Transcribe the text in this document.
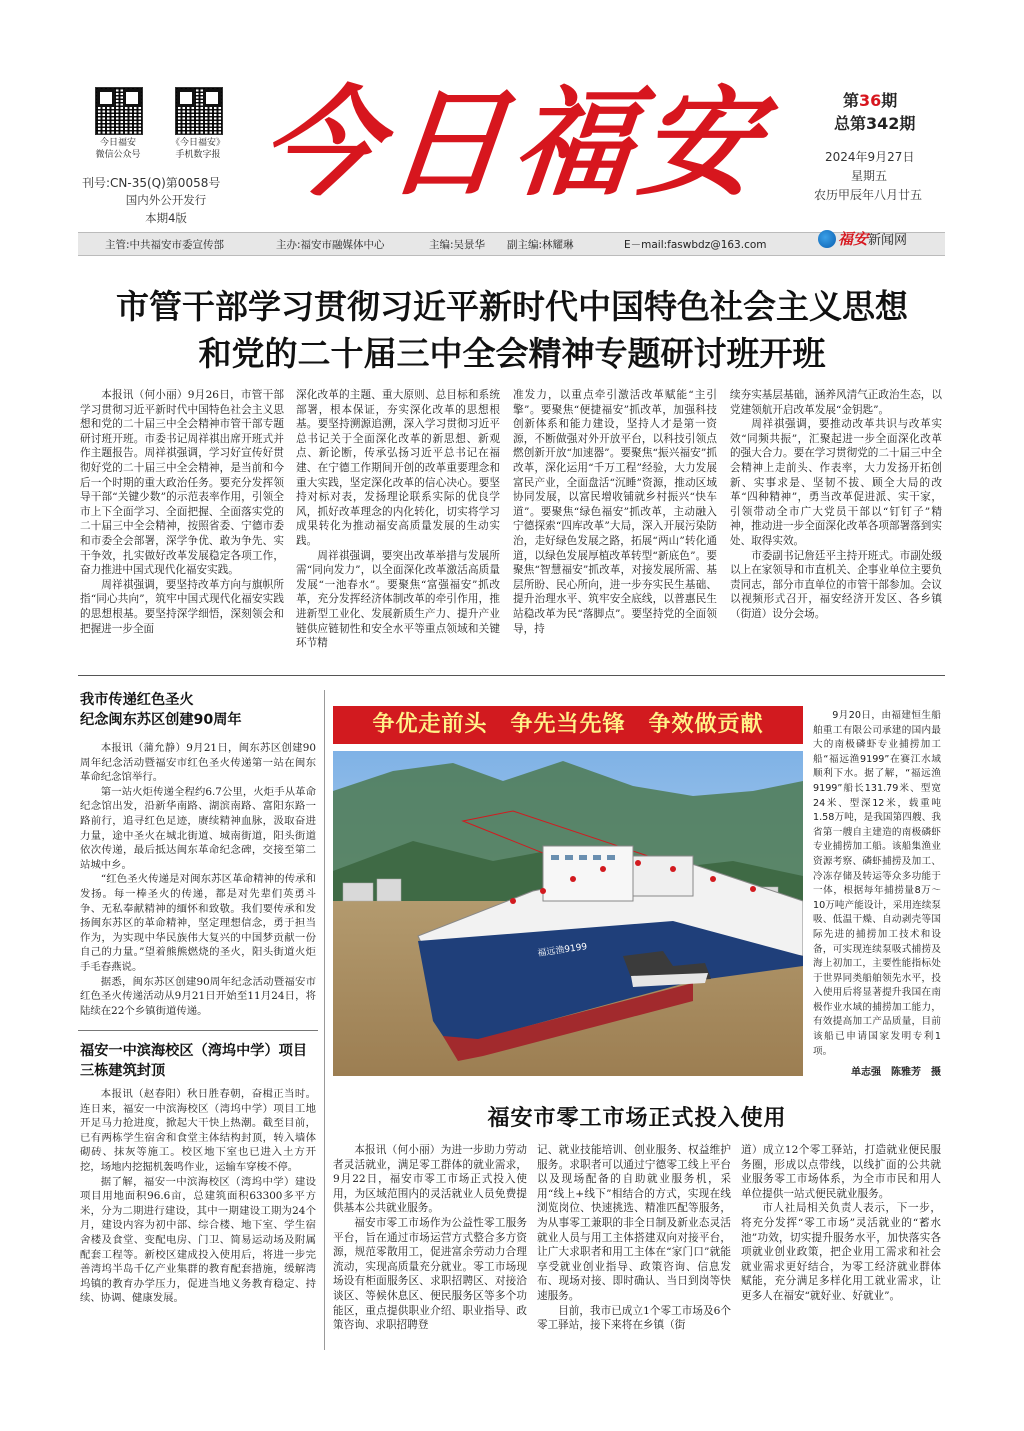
今日福安
微信公众号
《今日福安》
手机数字报
刊号:CN-35(Q)第0058号
国内外公开发行
本期4版
今日福安	第36期
总第342期
2024年9月27日
星期五
农历甲辰年八月廿五
主管:中共福安市委宣传部	主办:福安市融媒体中心	主编:吴景华 副主编:林耀琳	E－mail:faswbdz@163.com	福安新闻网
市管干部学习贯彻习近平新时代中国特色社会主义思想
和党的二十届三中全会精神专题研讨班开班

本报讯（何小丽）9月26日，市管干部学习贯彻习近平新时代中国特色社会主义思想和党的二十届三中全会精神市管干部专题研讨班开班。市委书记周祥祺出席开班式并作主题报告。周祥祺强调，学习好宣传好贯彻好党的二十届三中全会精神，是当前和今后一个时期的重大政治任务。要充分发挥领导干部“关键少数”的示范表率作用，引领全市上下全面学习、全面把握、全面落实党的二十届三中全会精神，按照省委、宁德市委和市委全会部署，深学争优、敢为争先、实干争效，扎实做好改革发展稳定各项工作，奋力推进中国式现代化福安实践。

周祥祺强调，要坚持改革方向与旗帜所指“同心共向”，筑牢中国式现代化福安实践的思想根基。要坚持深学细悟，深刻领会和把握进一步全面

深化改革的主题、重大原则、总目标和系统部署，根本保证，夯实深化改革的思想根基。要坚持溯源追溯，深入学习贯彻习近平总书记关于全面深化改革的新思想、新观点、新论断，传承弘扬习近平总书记在福建、在宁德工作期间开创的改革重要理念和重大实践，坚定深化改革的信心决心。要坚持对标对表，发扬理论联系实际的优良学风，抓好改革理念的内化转化，切实将学习成果转化为推动福安高质量发展的生动实践。

周祥祺强调，要突出改革举措与发展所需“同向发力”，以全面深化改革激活高质量发展“一池春水”。要聚焦“富强福安”抓改革，充分发挥经济体制改革的牵引作用，推进新型工业化、发展新质生产力、提升产业链供应链韧性和安全水平等重点领域和关键环节精

准发力，以重点牵引激活改革赋能“主引擎”。要聚焦“便捷福安”抓改革，加强科技创新体系和能力建设，坚持人才是第一资源，不断做强对外开放平台，以科技引领点燃创新开放“加速器”。要聚焦“振兴福安”抓改革，深化运用“千万工程”经验，大力发展富民产业，全面盘活“沉睡”资源，推动区域协同发展，以富民增收铺就乡村振兴“快车道”。要聚焦“绿色福安”抓改革，主动融入宁德探索“四库改革”大局，深入开展污染防治，走好绿色发展之路，拓展“两山”转化通道，以绿色发展厚植改革转型“新底色”。要聚焦“智慧福安”抓改革，对接发展所需、基层所盼、民心所向，进一步夯实民生基础、提升治理水平、筑牢安全底线，以普惠民生站稳改革为民“落脚点”。要坚持党的全面领导，持

续夯实基层基础，涵养风清气正政治生态，以党建领航开启改革发展“金钥匙”。

周祥祺强调，要推动改革共识与改革实效“同频共振”，汇聚起进一步全面深化改革的强大合力。要在学习贯彻党的二十届三中全会精神上走前头、作表率，大力发扬开拓创新、实事求是、坚韧不拔、顾全大局的改革“四种精神”，勇当改革促进派、实干家，引领带动全市广大党员干部以“钉钉子”精神，推动进一步全面深化改革各项部署落到实处、取得实效。

市委副书记詹廷平主持开班式。市副处级以上在家领导和市直机关、企事业单位主要负责同志，部分市直单位的市管干部参加。会议以视频形式召开，福安经济开发区、各乡镇（街道）设分会场。

我市传递红色圣火
纪念闽东苏区创建90周年

本报讯（蒲允静）9月21日，闽东苏区创建90周年纪念活动暨福安市红色圣火传递第一站在闽东革命纪念馆举行。

第一站火炬传递全程约6.7公里，火炬手从革命纪念馆出发，沿新华南路、湖滨南路、富阳东路一路前行，追寻红色足迹，赓续精神血脉，汲取奋进力量，途中圣火在城北街道、城南街道，阳头街道依次传递，最后抵达闽东革命纪念碑，交接至第二站城中乡。

“红色圣火传递是对闽东苏区革命精神的传承和发扬。每一棒圣火的传递，都是对先辈们英勇斗争、无私奉献精神的缅怀和致敬。我们要传承和发扬闽东苏区的革命精神，坚定理想信念，勇于担当作为，为实现中华民族伟大复兴的中国梦贡献一份自己的力量。”望着熊熊燃烧的圣火，阳头街道火炬手毛春燕说。

据悉，闽东苏区创建90周年纪念活动暨福安市红色圣火传递活动从9月21日开始至11月24日，将陆续在22个乡镇街道传递。

福安一中滨海校区（湾坞中学）项目
三栋建筑封顶

本报讯（赵春阳）秋日胜春朝，奋楫正当时。连日来，福安一中滨海校区（湾坞中学）项目工地开足马力抢进度，掀起大干快上热潮。截至目前，已有两栋学生宿舍和食堂主体结构封顶，转入墙体砌砖、抹灰等施工。校区地下室也已进入土方开挖，场地内挖掘机轰鸣作业，运输车穿梭不停。

据了解，福安一中滨海校区（湾坞中学）建设项目用地面积96.6亩，总建筑面积63300多平方米，分为二期进行建设，其中一期建设工期为24个月，建设内容为初中部、综合楼、地下室、学生宿舍楼及食堂、变配电房、门卫、简易运动场及附属配套工程等。新校区建成投入使用后，将进一步完善湾坞半岛千亿产业集群的教育配套措施，缓解湾坞镇的教育办学压力，促进当地义务教育稳定、持续、协调、健康发展。

争优走前头　争先当先锋　争效做贡献
福远渔9199

9月20日，由福建恒生船舶重工有限公司承建的国内最大的南极磷虾专业捕捞加工船“福远渔9199”在赛江水域顺利下水。据了解，“福远渔9199”船长131.79米、型宽24米、型深12米，载重吨1.58万吨，是我国第四艘、我省第一艘自主建造的南极磷虾专业捕捞加工船。该船集渔业资源考察、磷虾捕捞及加工、冷冻存储及转运等众多功能于一体，根据每年捕捞量8万～10万吨产能设计，采用连续泵吸、低温干燥、自动剥壳等国际先进的捕捞加工技术和设备，可实现连续泵吸式捕捞及海上初加工，主要性能指标处于世界同类船舶领先水平，投入使用后将显著提升我国在南极作业水域的捕捞加工能力，有效提高加工产品质量，目前该船已申请国家发明专利1项。

单志强　陈雅芳　摄
福安市零工市场正式投入使用

本报讯（何小丽）为进一步助力劳动者灵活就业，满足零工群体的就业需求，9月22日，福安市零工市场正式投入使用，为区域范围内的灵活就业人员免费提供基本公共就业服务。

福安市零工市场作为公益性零工服务平台，旨在通过市场运营方式整合多方资源，规范零散用工，促进富余劳动力合理流动，实现高质量充分就业。零工市场现场设有柜面服务区、求职招聘区、对接洽谈区、等候休息区、便民服务区等多个功能区，重点提供职业介绍、职业指导、政策咨询、求职招聘登

记、就业技能培训、创业服务、权益维护服务。求职者可以通过宁德零工线上平台以及现场配备的自助就业服务机，采用“线上+线下”相结合的方式，实现在线浏览岗位、快速挑选、精准匹配等服务，为从事零工兼职的非全日制及新业态灵活就业人员与用工主体搭建双向对接平台，让广大求职者和用工主体在“家门口”就能享受就业创业指导、政策咨询、信息发布、现场对接、即时确认、当日到岗等快速服务。

目前，我市已成立1个零工市场及6个零工驿站，接下来将在乡镇（街

道）成立12个零工驿站，打造就业便民服务圈，形成以点带线，以线扩面的公共就业服务零工市场体系，为全市市民和用人单位提供一站式便民就业服务。

市人社局相关负责人表示，下一步，将充分发挥“零工市场”灵活就业的“蓄水池”功效，切实提升服务水平，加快落实各项就业创业政策，把企业用工需求和社会就业需求更好结合，为零工经济就业群体赋能，充分满足多样化用工就业需求，让更多人在福安“就好业、好就业”。
